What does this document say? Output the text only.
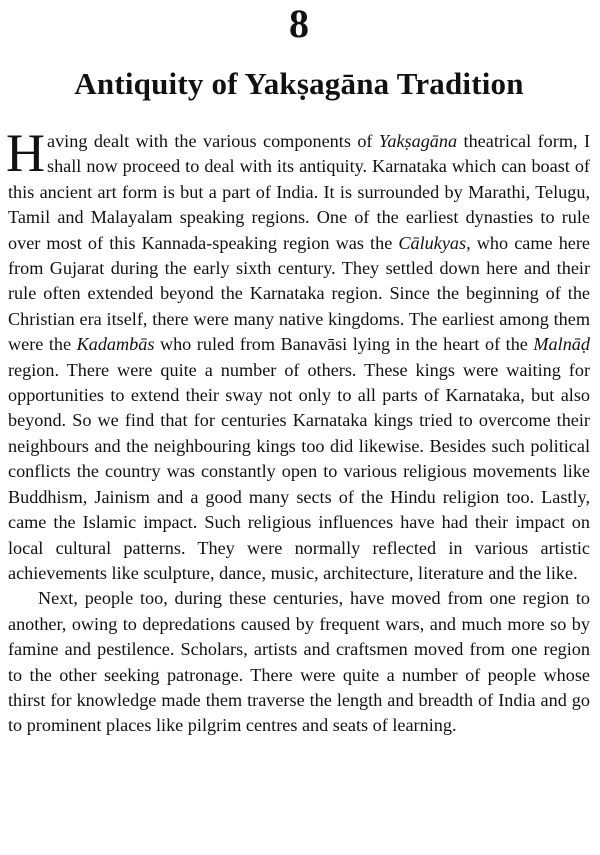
8
Antiquity of Yakṣagāna Tradition

Having dealt with the various components of Yakṣagāna theatrical form, I shall now proceed to deal with its antiquity. Karnataka which can boast of this ancient art form is but a part of India. It is surrounded by Marathi, Telugu, Tamil and Malayalam speaking regions. One of the earliest dynasties to rule over most of this Kannada-speaking region was the Cālukyas, who came here from Gujarat during the early sixth century. They settled down here and their rule often extended beyond the Karnataka region. Since the beginning of the Christian era itself, there were many native kingdoms. The earliest among them were the Kadambās who ruled from Banavāsi lying in the heart of the Malnāḍ region. There were quite a number of others. These kings were waiting for opportunities to extend their sway not only to all parts of Karnataka, but also beyond. So we find that for centuries Karnataka kings tried to overcome their neighbours and the neighbouring kings too did likewise. Besides such political conflicts the country was constantly open to various religious movements like Buddhism, Jainism and a good many sects of the Hindu religion too. Lastly, came the Islamic impact. Such religious influences have had their impact on local cultural patterns. They were normally reflected in various artistic achievements like sculpture, dance, music, architecture, literature and the like.

Next, people too, during these centuries, have moved from one region to another, owing to depredations caused by frequent wars, and much more so by famine and pestilence. Scholars, artists and craftsmen moved from one region to the other seeking patronage. There were quite a number of people whose thirst for knowledge made them traverse the length and breadth of India and go to prominent places like pilgrim centres and seats of learning.
